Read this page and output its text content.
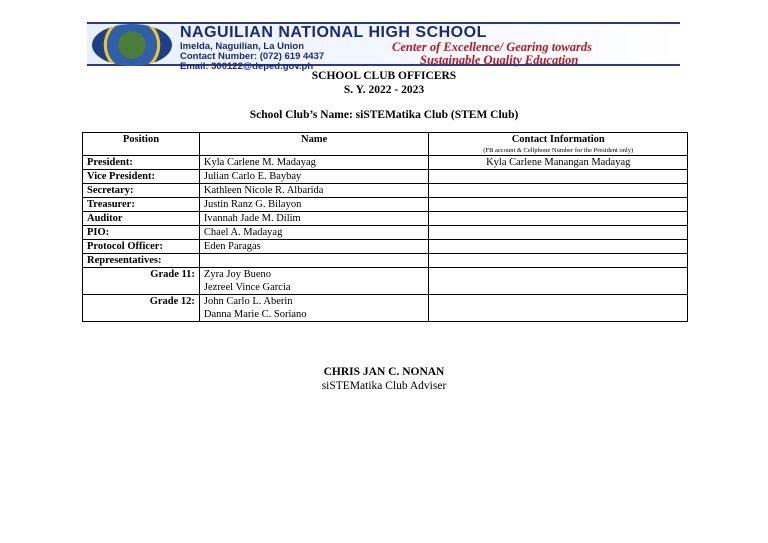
NAGUILIAN NATIONAL HIGH SCHOOL
Imelda, Naguilian, La Union
Contact Number: (072) 619 4437
Email: 300122@deped.gov.ph
Center of Excellence/ Gearing towards
Sustainable Quality Education
SCHOOL CLUB OFFICERS
S. Y. 2022 - 2023
School Club’s Name: siSTEMatika Club (STEM Club)
Position	Name	Contact Information
(FB account & Cellphone Number for the President only)

President:	Kyla Carlene M. Madayag	Kyla Carlene Manangan Madayag
Vice President:	Julian Carlo E. Baybay	
Secretary:	Kathleen Nicole R. Albarida	
Treasurer:	Justin Ranz G. Bilayon	
Auditor	Ivannah Jade M. Dilim	
PIO:	Chael A. Madayag	
Protocol Officer:	Eden Paragas	
Representatives:		
Grade 11:	Zyra Joy Bueno
Jezreel Vince Garcia	

Grade 12:	John Carlo L. Aberin
Danna Marie C. Soriano	

CHRIS JAN C. NONAN
siSTEMatika Club Adviser
